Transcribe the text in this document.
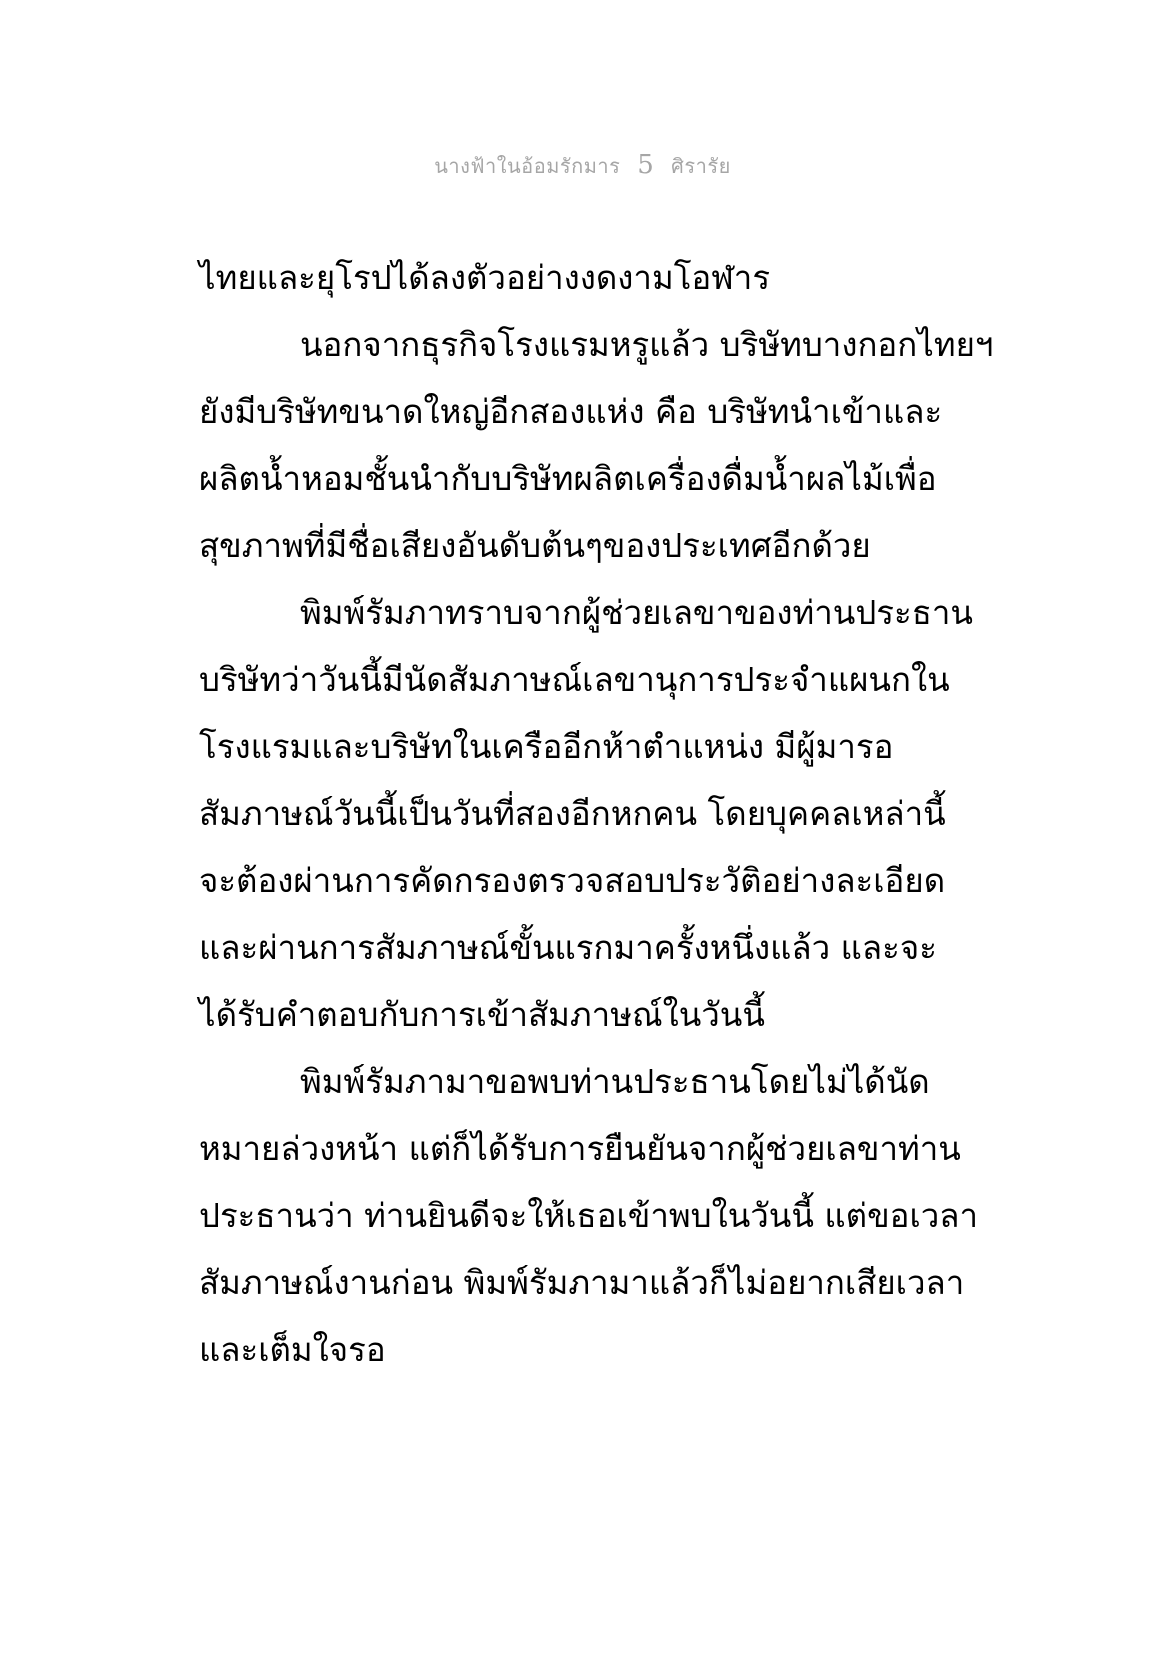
นางฟ้าในอ้อมรักมาร 5 ศิรารัย
ไทยและยุโรปได้ลงตัวอย่างงดงามโอฬาร
นอกจากธุรกิจโรงแรมหรูแล้ว บริษัทบางกอกไทยฯ
ยังมีบริษัทขนาดใหญ่อีกสองแห่ง คือ บริษัทนำเข้าและ
ผลิตน้ำหอมชั้นนำกับบริษัทผลิตเครื่องดื่มน้ำผลไม้เพื่อ
สุขภาพที่มีชื่อเสียงอันดับต้นๆของประเทศอีกด้วย
พิมพ์รัมภาทราบจากผู้ช่วยเลขาของท่านประธาน
บริษัทว่าวันนี้มีนัดสัมภาษณ์เลขานุการประจำแผนกใน
โรงแรมและบริษัทในเครืออีกห้าตำแหน่ง มีผู้มารอ
สัมภาษณ์วันนี้เป็นวันที่สองอีกหกคน โดยบุคคลเหล่านี้
จะต้องผ่านการคัดกรองตรวจสอบประวัติอย่างละเอียด
และผ่านการสัมภาษณ์ขั้นแรกมาครั้งหนึ่งแล้ว และจะ
ได้รับคำตอบกับการเข้าสัมภาษณ์ในวันนี้
พิมพ์รัมภามาขอพบท่านประธานโดยไม่ได้นัด
หมายล่วงหน้า แต่ก็ได้รับการยืนยันจากผู้ช่วยเลขาท่าน
ประธานว่า ท่านยินดีจะให้เธอเข้าพบในวันนี้ แต่ขอเวลา
สัมภาษณ์งานก่อน พิมพ์รัมภามาแล้วก็ไม่อยากเสียเวลา
และเต็มใจรอ
